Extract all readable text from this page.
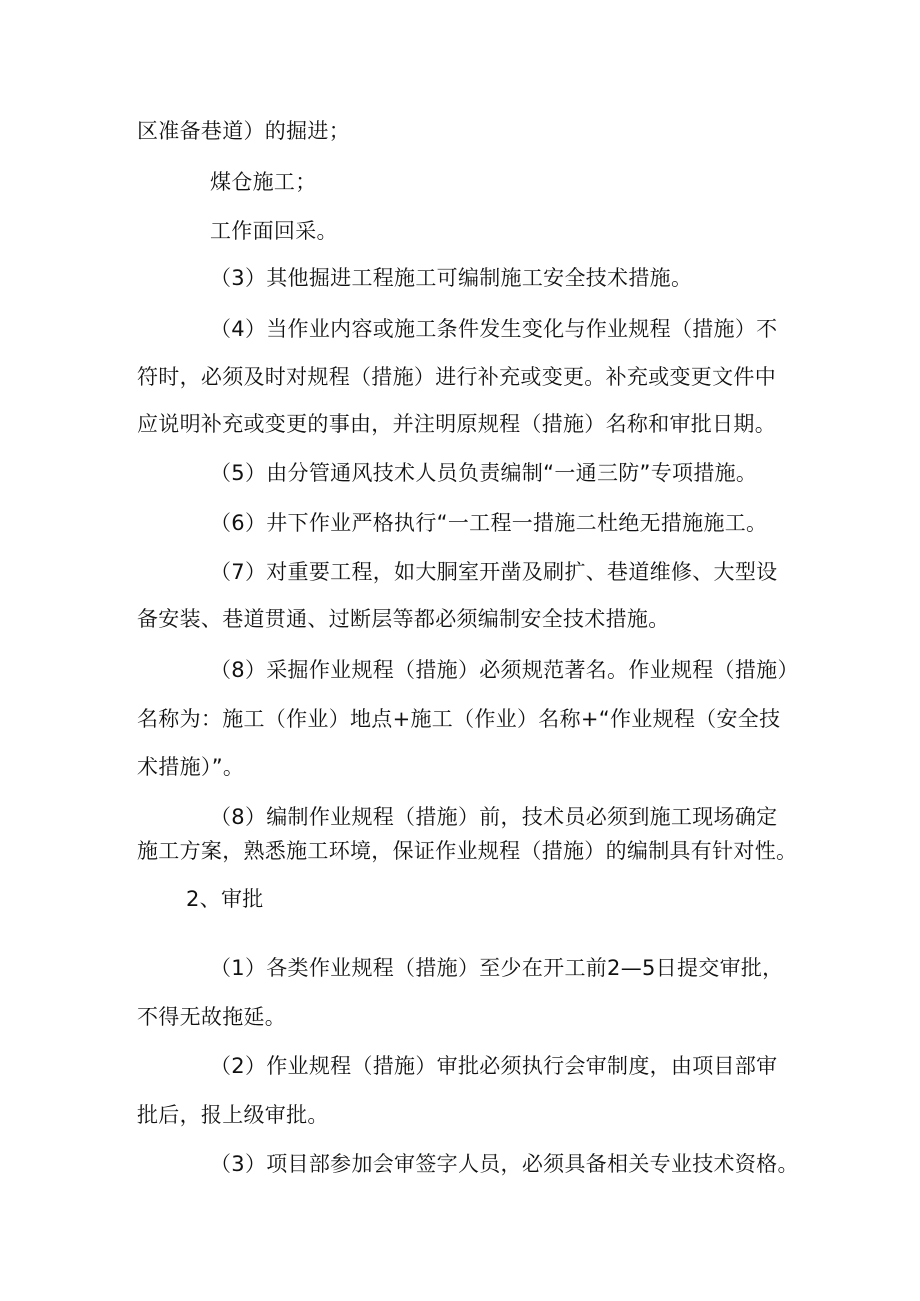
区准备巷道）的掘进；
煤仓施工；
工作面回采。
（3）其他掘进工程施工可编制施工安全技术措施。
（4）当作业内容或施工条件发生变化与作业规程（措施）不
符时，必须及时对规程（措施）进行补充或变更。补充或变更文件中
应说明补充或变更的事由，并注明原规程（措施）名称和审批日期。
（5）由分管通风技术人员负责编制“一通三防”专项措施。
（6）井下作业严格执行“一工程一措施二杜绝无措施施工。
（7）对重要工程，如大胴室开凿及刷扩、巷道维修、大型设
备安装、巷道贯通、过断层等都必须编制安全技术措施。
（8）采掘作业规程（措施）必须规范著名。作业规程（措施）
名称为：施工（作业）地点+施工（作业）名称+“作业规程（安全技
术措施）”。
（8）编制作业规程（措施）前，技术员必须到施工现场确定
施工方案，熟悉施工环境，保证作业规程（措施）的编制具有针对性。
2、审批
（1）各类作业规程（措施）至少在开工前2—5日提交审批，
不得无故拖延。
（2）作业规程（措施）审批必须执行会审制度，由项目部审
批后，报上级审批。
（3）项目部参加会审签字人员，必须具备相关专业技术资格。
